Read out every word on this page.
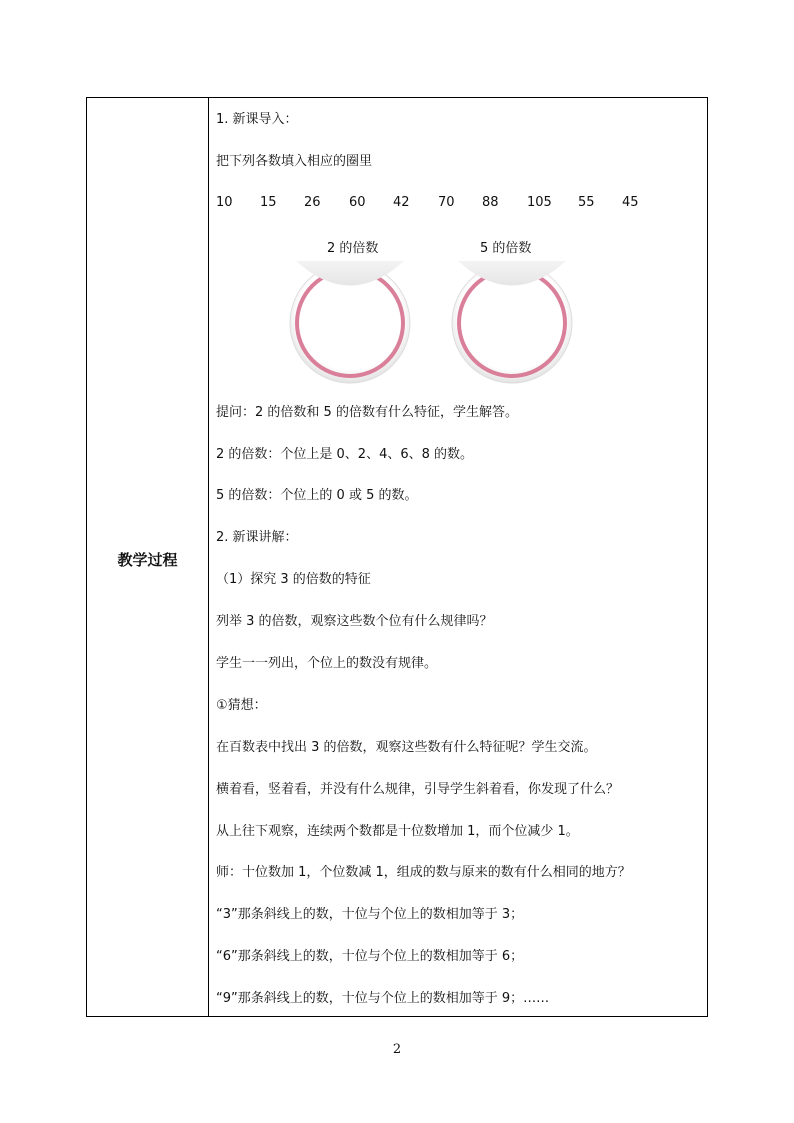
教学过程
1. 新课导入：
把下列各数填入相应的圈里
10 15 26 60 42 70 88 105 55 45
2 的倍数	5 的倍数
提问：2 的倍数和 5 的倍数有什么特征，学生解答。
2 的倍数：个位上是 0、2、4、6、8 的数。
5 的倍数：个位上的 0 或 5 的数。
2. 新课讲解：
（1）探究 3 的倍数的特征
列举 3 的倍数，观察这些数个位有什么规律吗？
学生一一列出，个位上的数没有规律。
①猜想：
在百数表中找出 3 的倍数，观察这些数有什么特征呢？学生交流。
横着看，竖着看，并没有什么规律，引导学生斜着看，你发现了什么？
从上往下观察，连续两个数都是十位数增加 1，而个位减少 1。
师：十位数加 1，个位数减 1，组成的数与原来的数有什么相同的地方？
“3”那条斜线上的数，十位与个位上的数相加等于 3；
“6”那条斜线上的数，十位与个位上的数相加等于 6；
“9”那条斜线上的数，十位与个位上的数相加等于 9；……
2
